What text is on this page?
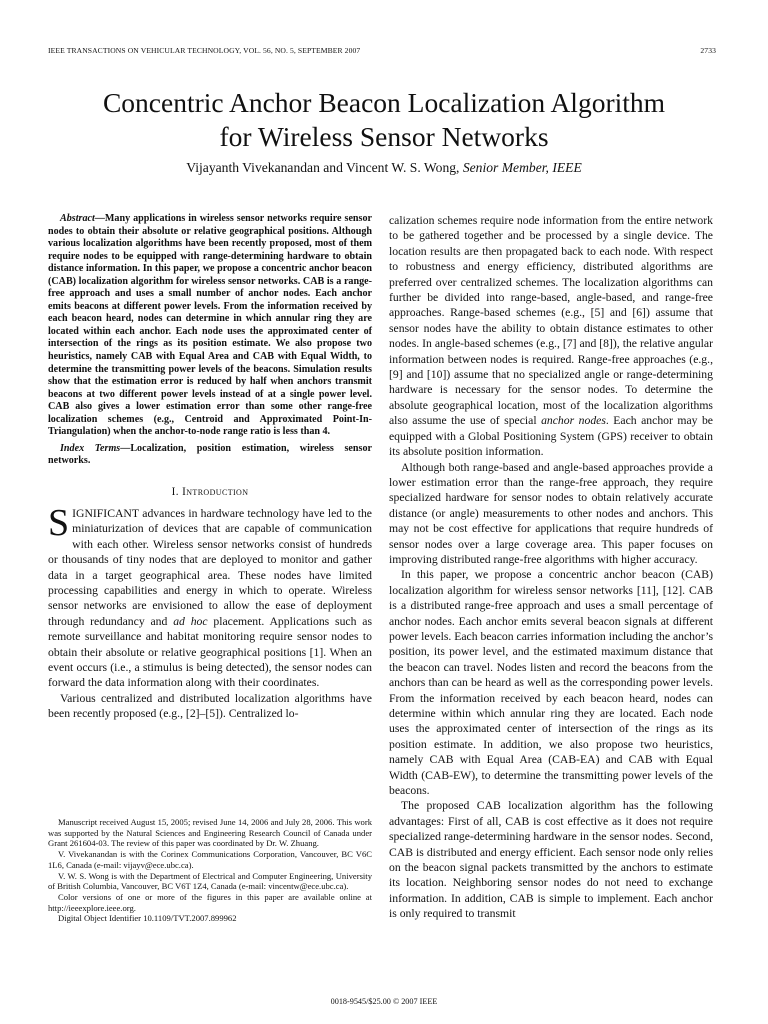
IEEE TRANSACTIONS ON VEHICULAR TECHNOLOGY, VOL. 56, NO. 5, SEPTEMBER 2007	2733
Concentric Anchor Beacon Localization Algorithm
for Wireless Sensor Networks
Vijayanth Vivekanandan and Vincent W. S. Wong, Senior Member, IEEE

Abstract—Many applications in wireless sensor networks require sensor nodes to obtain their absolute or relative geographical positions. Although various localization algorithms have been recently proposed, most of them require nodes to be equipped with range-determining hardware to obtain distance information. In this paper, we propose a concentric anchor beacon (CAB) localization algorithm for wireless sensor networks. CAB is a range-free approach and uses a small number of anchor nodes. Each anchor emits beacons at different power levels. From the information received by each beacon heard, nodes can determine in which annular ring they are located within each anchor. Each node uses the approximated center of intersection of the rings as its position estimate. We also propose two heuristics, namely CAB with Equal Area and CAB with Equal Width, to determine the transmitting power levels of the beacons. Simulation results show that the estimation error is reduced by half when anchors transmit beacons at two different power levels instead of at a single power level. CAB also gives a lower estimation error than some other range-free localization schemes (e.g., Centroid and Approximated Point-In-Triangulation) when the anchor-to-node range ratio is less than 4.

Index Terms—Localization, position estimation, wireless sensor networks.

I. Introduction

SIGNIFICANT advances in hardware technology have led to the miniaturization of devices that are capable of communication with each other. Wireless sensor networks consist of hundreds or thousands of tiny nodes that are deployed to monitor and gather data in a target geographical area. These nodes have limited processing capabilities and energy in which to operate. Wireless sensor networks are envisioned to allow the ease of deployment through redundancy and ad hoc placement. Applications such as remote surveillance and habitat monitoring require sensor nodes to obtain their absolute or relative geographical positions [1]. When an event occurs (i.e., a stimulus is being detected), the sensor nodes can forward the data information along with their coordinates.

Various centralized and distributed localization algorithms have been recently proposed (e.g., [2]–[5]). Centralized lo-

Manuscript received August 15, 2005; revised June 14, 2006 and July 28, 2006. This work was supported by the Natural Sciences and Engineering Research Council of Canada under Grant 261604-03. The review of this paper was coordinated by Dr. W. Zhuang.

V. Vivekanandan is with the Corinex Communications Corporation, Vancouver, BC V6C 1L6, Canada (e-mail: vijayv@ece.ubc.ca).

V. W. S. Wong is with the Department of Electrical and Computer Engineering, University of British Columbia, Vancouver, BC V6T 1Z4, Canada (e-mail: vincentw@ece.ubc.ca).

Color versions of one or more of the figures in this paper are available online at http://ieeexplore.ieee.org.

Digital Object Identifier 10.1109/TVT.2007.899962

calization schemes require node information from the entire network to be gathered together and be processed by a single device. The location results are then propagated back to each node. With respect to robustness and energy efficiency, distributed algorithms are preferred over centralized schemes. The localization algorithms can further be divided into range-based, angle-based, and range-free approaches. Range-based schemes (e.g., [5] and [6]) assume that sensor nodes have the ability to obtain distance estimates to other nodes. In angle-based schemes (e.g., [7] and [8]), the relative angular information between nodes is required. Range-free approaches (e.g., [9] and [10]) assume that no specialized angle or range-determining hardware is necessary for the sensor nodes. To determine the absolute geographical location, most of the localization algorithms also assume the use of special anchor nodes. Each anchor may be equipped with a Global Positioning System (GPS) receiver to obtain its absolute position information.

Although both range-based and angle-based approaches provide a lower estimation error than the range-free approach, they require specialized hardware for sensor nodes to obtain relatively accurate distance (or angle) measurements to other nodes and anchors. This may not be cost effective for applications that require hundreds of sensor nodes over a large coverage area. This paper focuses on improving distributed range-free algorithms with higher accuracy.

In this paper, we propose a concentric anchor beacon (CAB) localization algorithm for wireless sensor networks [11], [12]. CAB is a distributed range-free approach and uses a small percentage of anchor nodes. Each anchor emits several beacon signals at different power levels. Each beacon carries information including the anchor’s position, its power level, and the estimated maximum distance that the beacon can travel. Nodes listen and record the beacons from the anchors than can be heard as well as the corresponding power levels. From the information received by each beacon heard, nodes can determine within which annular ring they are located. Each node uses the approximated center of intersection of the rings as its position estimate. In addition, we also propose two heuristics, namely CAB with Equal Area (CAB-EA) and CAB with Equal Width (CAB-EW), to determine the transmitting power levels of the beacons.

The proposed CAB localization algorithm has the following advantages: First of all, CAB is cost effective as it does not require specialized range-determining hardware in the sensor nodes. Second, CAB is distributed and energy efficient. Each sensor node only relies on the beacon signal packets transmitted by the anchors to estimate its location. Neighboring sensor nodes do not need to exchange information. In addition, CAB is simple to implement. Each anchor is only required to transmit

0018-9545/$25.00 © 2007 IEEE
